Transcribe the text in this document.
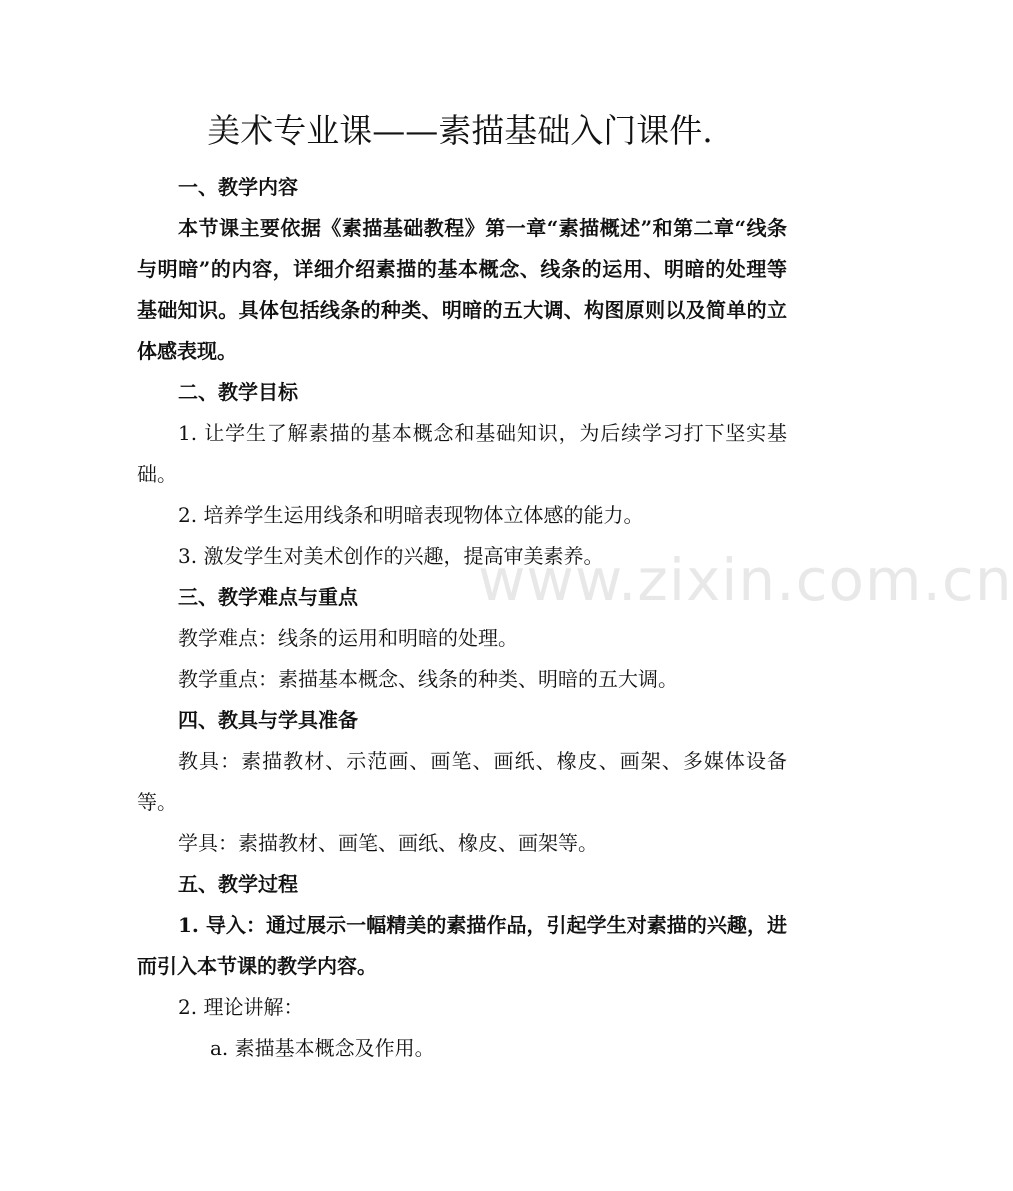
www.zixin.com.cn
美术专业课——素描基础入门课件.
一、教学内容

本节课主要依据《素描基础教程》第一章“素描概述”和第二章“线条与明暗”的内容，详细介绍素描的基本概念、线条的运用、明暗的处理等基础知识。具体包括线条的种类、明暗的五大调、构图原则以及简单的立体感表现。

二、教学目标

1. 让学生了解素描的基本概念和基础知识，为后续学习打下坚实基础。

2. 培养学生运用线条和明暗表现物体立体感的能力。
3. 激发学生对美术创作的兴趣，提高审美素养。
三、教学难点与重点
教学难点：线条的运用和明暗的处理。
教学重点：素描基本概念、线条的种类、明暗的五大调。
四、教具与学具准备

教具：素描教材、示范画、画笔、画纸、橡皮、画架、多媒体设备等。

学具：素描教材、画笔、画纸、橡皮、画架等。
五、教学过程

1. 导入：通过展示一幅精美的素描作品，引起学生对素描的兴趣，进而引入本节课的教学内容。

2. 理论讲解：
a. 素描基本概念及作用。
